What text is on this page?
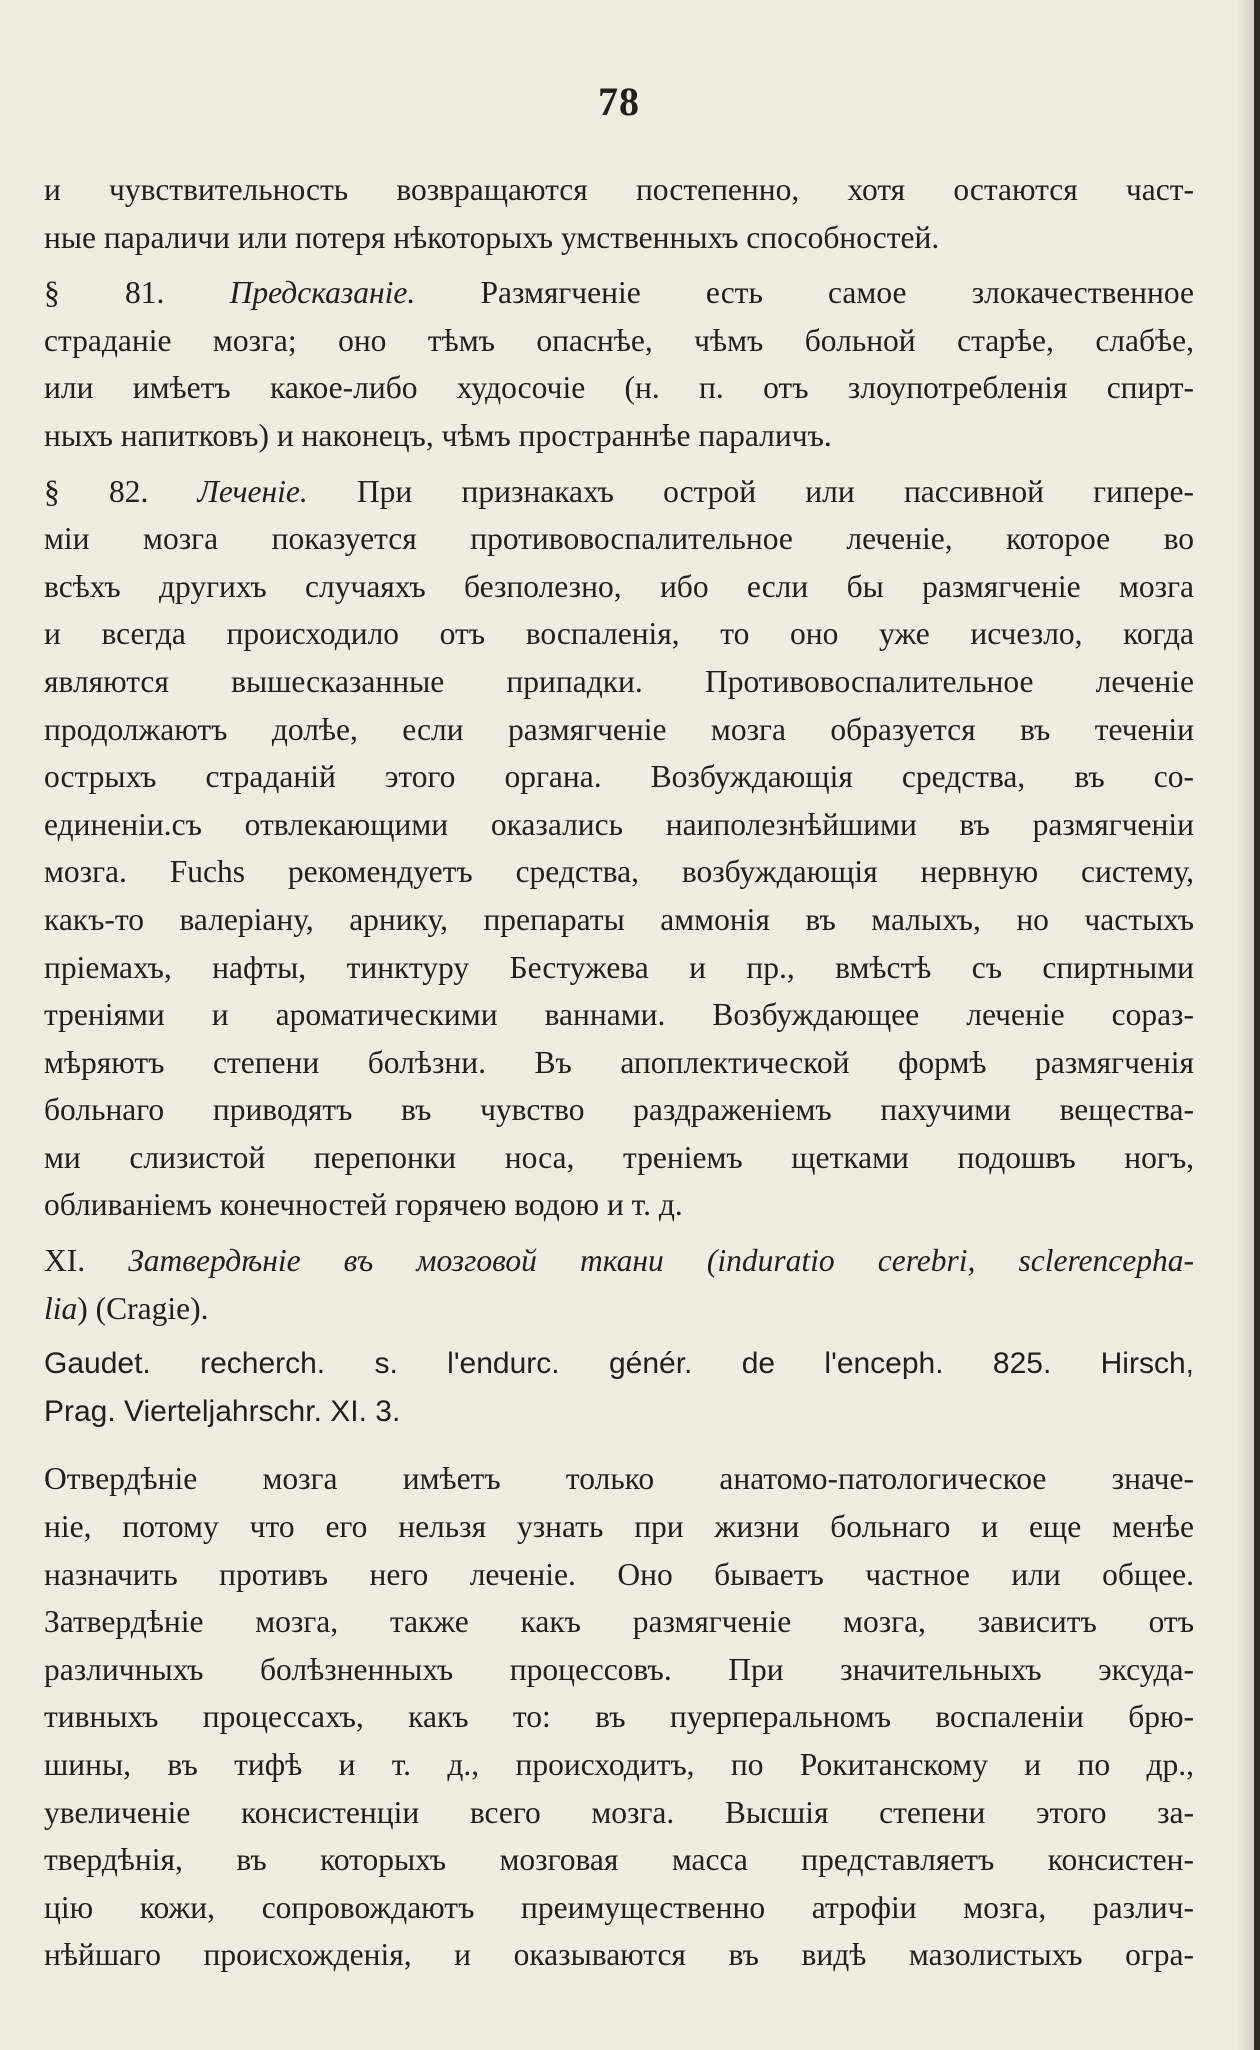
78

и чувствительность возвращаются постепенно, хотя остаются част-
ные параличи или потеря нѣкоторыхъ умственныхъ способностей.

§ 81. Предсказаніе. Размягченіе есть самое злокачественное
страданіе мозга; оно тѣмъ опаснѣе, чѣмъ больной старѣе, слабѣе,
или имѣетъ какое-либо худосочіе (н. п. отъ злоупотребленія спирт-
ныхъ напитковъ) и наконецъ, чѣмъ пространнѣе параличъ.

§ 82. Леченіе. При признакахъ острой или пассивной гипере-
міи мозга показуется противовоспалительное леченіе, которое во
всѣхъ другихъ случаяхъ безполезно, ибо если бы размягченіе мозга
и всегда происходило отъ воспаленія, то оно уже исчезло, когда
являются вышесказанные припадки. Противовоспалительное леченіе
продолжаютъ долѣе, если размягченіе мозга образуется въ теченіи
острыхъ страданій этого органа. Возбуждающія средства, въ со-
единеніи.съ отвлекающими оказались наиполезнѣйшими въ размягченіи
мозга. Fuchs рекомендуетъ средства, возбуждающія нервную систему,
какъ-то валеріану, арнику, препараты аммонія въ малыхъ, но частыхъ
пріемахъ, нафты, тинктуру Бестужева и пр., вмѣстѣ съ спиртными
треніями и ароматическими ваннами. Возбуждающее леченіе сораз-
мѣряютъ степени болѣзни. Въ апоплектической формѣ размягченія
больнаго приводятъ въ чувство раздраженіемъ пахучими вещества-
ми слизистой перепонки носа, треніемъ щетками подошвъ ногъ,
обливаніемъ конечностей горячею водою и т. д.

XI. Затвердѣніе въ мозговой ткани (induratio cerebri, sclerencepha-
lia) (Cragie).

Gaudet. recherch. s. l'endurc. génér. de l'enceph. 825. Hirsch,
Prag. Vierteljahrschr. XI. 3.

Отвердѣніе мозга имѣетъ только анатомо-патологическое значе-
ніе, потому что его нельзя узнать при жизни больнаго и еще менѣе
назначить противъ него леченіе. Оно бываетъ частное или общее.
Затвердѣніе мозга, также какъ размягченіе мозга, зависитъ отъ
различныхъ болѣзненныхъ процессовъ. При значительныхъ эксуда-
тивныхъ процессахъ, какъ то: въ пуерперальномъ воспаленіи брю-
шины, въ тифѣ и т. д., происходитъ, по Рокитанскому и по др.,
увеличеніе консистенціи всего мозга. Высшія степени этого за-
твердѣнія, въ которыхъ мозговая масса представляетъ консистен-
цію кожи, сопровождаютъ преимущественно атрофіи мозга, различ-
нѣйшаго происхожденія, и оказываются въ видѣ мазолистыхъ огра-
